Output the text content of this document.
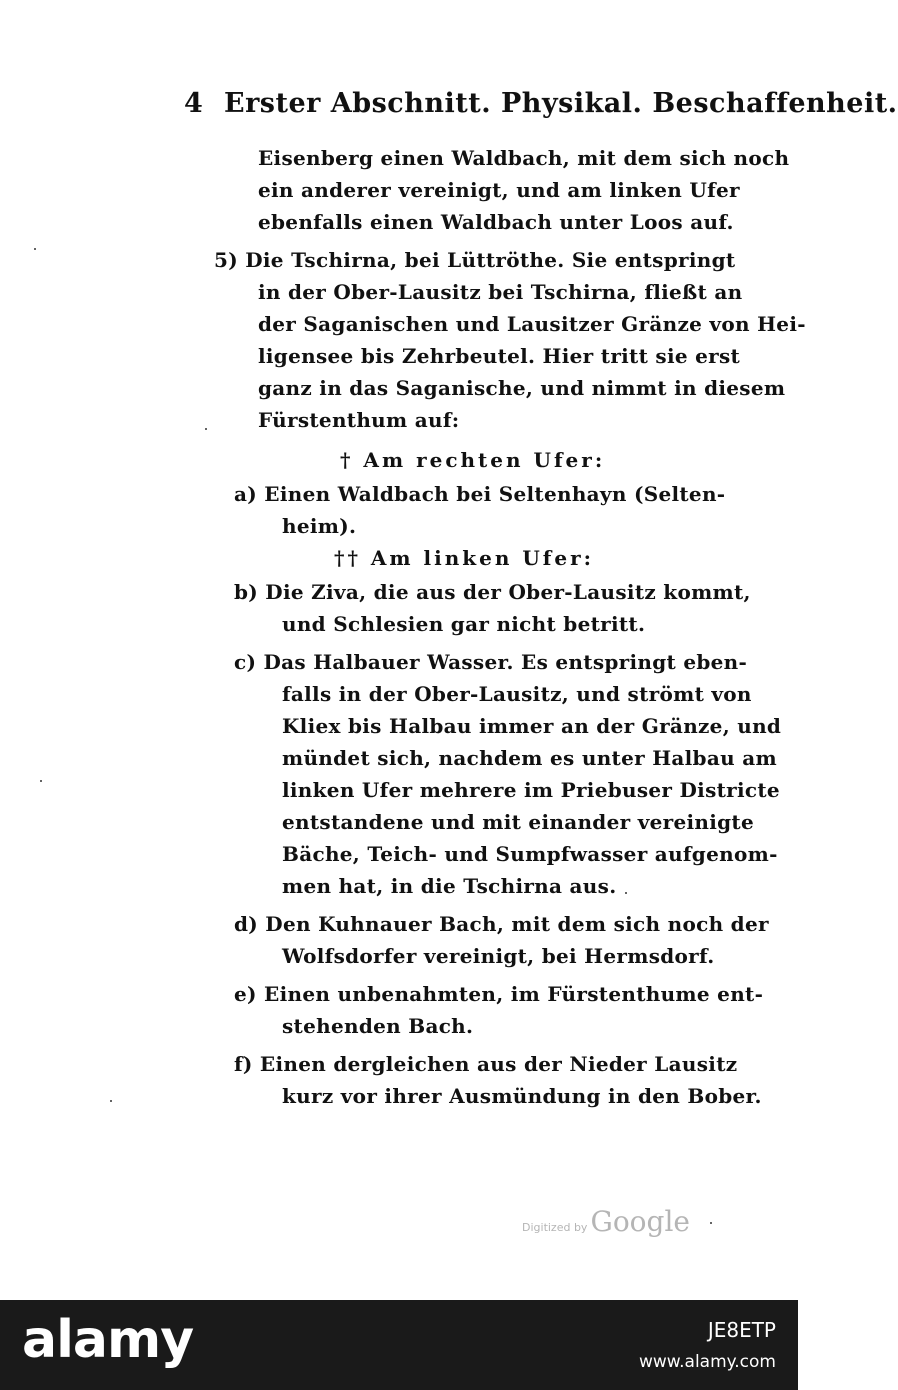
4 Erster Abschnitt. Physikal. Beschaffenheit.
Eisenberg einen Waldbach, mit dem sich noch
ein anderer vereinigt, und am linken Ufer
ebenfalls einen Waldbach unter Loos auf.
5) Die Tschirna, bei Lüttröthe. Sie entspringt
in der Ober-Lausitz bei Tschirna, fließt an
der Saganischen und Lausitzer Gränze von Hei-
ligensee bis Zehrbeutel. Hier tritt sie erst
ganz in das Saganische, und nimmt in diesem
Fürstenthum auf:
† Am rechten Ufer:
a) Einen Waldbach bei Seltenhayn (Selten-
heim).
†† Am linken Ufer:
b) Die Ziva, die aus der Ober-Lausitz kommt,
und Schlesien gar nicht betritt.
c) Das Halbauer Wasser. Es entspringt eben-
falls in der Ober-Lausitz, und strömt von
Kliex bis Halbau immer an der Gränze, und
mündet sich, nachdem es unter Halbau am
linken Ufer mehrere im Priebuser Districte
entstandene und mit einander vereinigte
Bäche, Teich- und Sumpfwasser aufgenom-
men hat, in die Tschirna aus.
d) Den Kuhnauer Bach, mit dem sich noch der
Wolfsdorfer vereinigt, bei Hermsdorf.
e) Einen unbenahmten, im Fürstenthume ent-
stehenden Bach.
f) Einen dergleichen aus der Nieder Lausitz
kurz vor ihrer Ausmündung in den Bober.
Digitized by Google
alamy	JE8ETP
www.alamy.com
